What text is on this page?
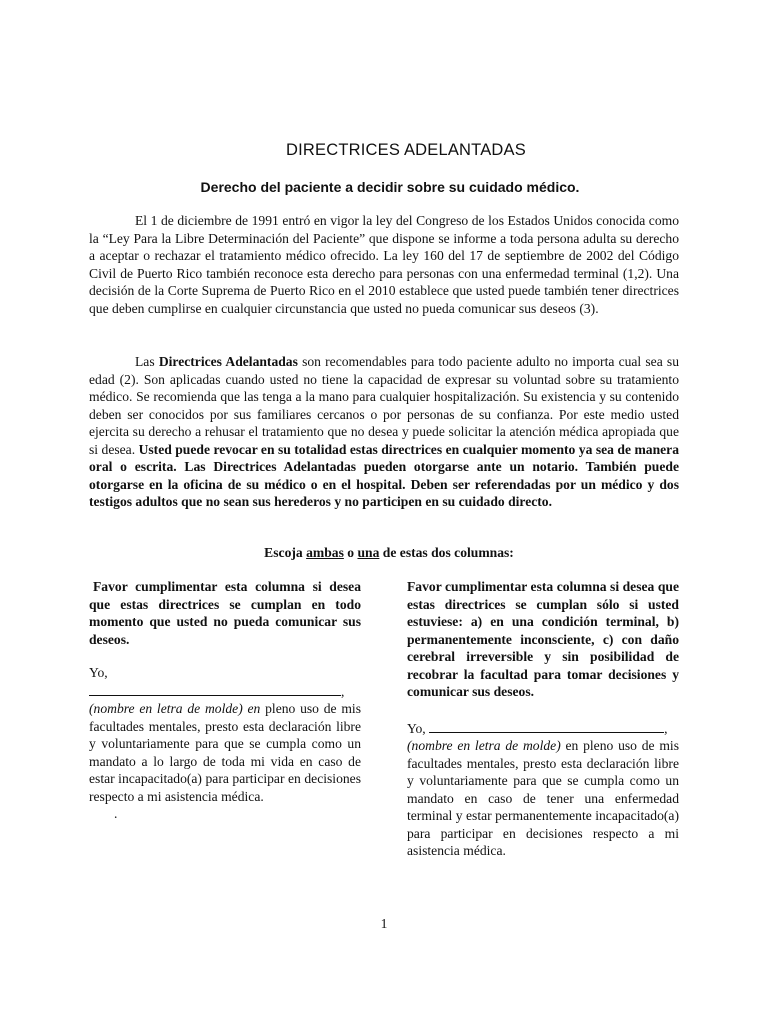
DIRECTRICES ADELANTADAS
Derecho del paciente a decidir sobre su cuidado médico.

El 1 de diciembre de 1991 entró en vigor la ley del Congreso de los Estados Unidos conocida como la “Ley Para la Libre Determinación del Paciente” que dispone se informe a toda persona adulta su derecho a aceptar o rechazar el tratamiento médico ofrecido. La ley 160 del 17 de septiembre de 2002 del Código Civil de Puerto Rico también reconoce esta derecho para personas con una enfermedad terminal (1,2). Una decisión de la Corte Suprema de Puerto Rico en el 2010 establece que usted puede también tener directrices que deben cumplirse en cualquier circunstancia que usted no pueda comunicar sus deseos (3).

Las Directrices Adelantadas son recomendables para todo paciente adulto no importa cual sea su edad (2). Son aplicadas cuando usted no tiene la capacidad de expresar su voluntad sobre su tratamiento médico. Se recomienda que las tenga a la mano para cualquier hospitalización. Su existencia y su contenido deben ser conocidos por sus familiares cercanos o por personas de su confianza. Por este medio usted ejercita su derecho a rehusar el tratamiento que no desea y puede solicitar la atención médica apropiada que si desea. Usted puede revocar en su totalidad estas directrices en cualquier momento ya sea de manera oral o escrita. Las Directrices Adelantadas pueden otorgarse ante un notario. También puede otorgarse en la oficina de su médico o en el hospital. Deben ser referendadas por un médico y dos testigos adultos que no sean sus herederos y no participen en su cuidado directo.

Escoja ambas o una de estas dos columnas:

Favor cumplimentar esta columna si desea que estas directrices se cumplan en todo momento que usted no pueda comunicar sus deseos.

Yo, ,
(nombre en letra de molde) en pleno uso de mis facultades mentales, presto esta declaración libre y voluntariamente para que se cumpla como un mandato a lo largo de toda mi vida en caso de estar incapacitado(a) para participar en decisiones respecto a mi asistencia médica.

.

Favor cumplimentar esta columna si desea que estas directrices se cumplan sólo si usted estuviese: a) en una condición terminal, b) permanentemente inconsciente, c) con daño cerebral irreversible y sin posibilidad de recobrar la facultad para tomar decisiones y comunicar sus deseos.

Yo,	,
(nombre en letra de molde) en pleno uso de mis facultades mentales, presto esta declaración libre y voluntariamente para que se cumpla como un mandato en caso de tener una enfermedad terminal y estar permanentemente incapacitado(a) para participar en decisiones respecto a mi asistencia médica.

1
